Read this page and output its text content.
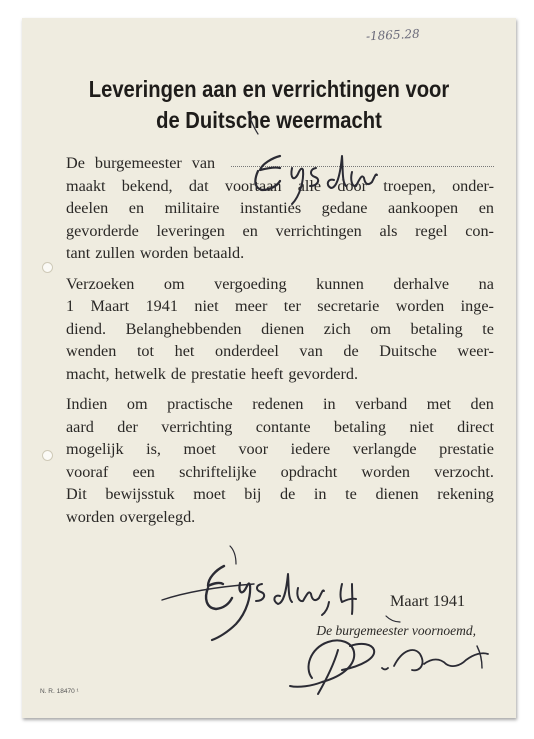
-1865.28
Leveringen aan en verrichtingen voor
de Duitsche weermacht
De burgemeester van
maakt bekend, dat voortaan alle door troepen, onder-
deelen en militaire instanties gedane aankoopen en
gevorderde leveringen en verrichtingen als regel con-
tant zullen worden betaald.
Verzoeken om vergoeding kunnen derhalve na
1 Maart 1941 niet meer ter secretarie worden inge-
diend. Belanghebbenden dienen zich om betaling te
wenden tot het onderdeel van de Duitsche weer-
macht, hetwelk de prestatie heeft gevorderd.
Indien om practische redenen in verband met den
aard der verrichting contante betaling niet direct
mogelijk is, moet voor iedere verlangde prestatie
vooraf een schriftelijke opdracht worden verzocht.
Dit bewijsstuk moet bij de in te dienen rekening
worden overgelegd.
Maart 1941
De burgemeester voornoemd,
N. R. 18470 ¹
